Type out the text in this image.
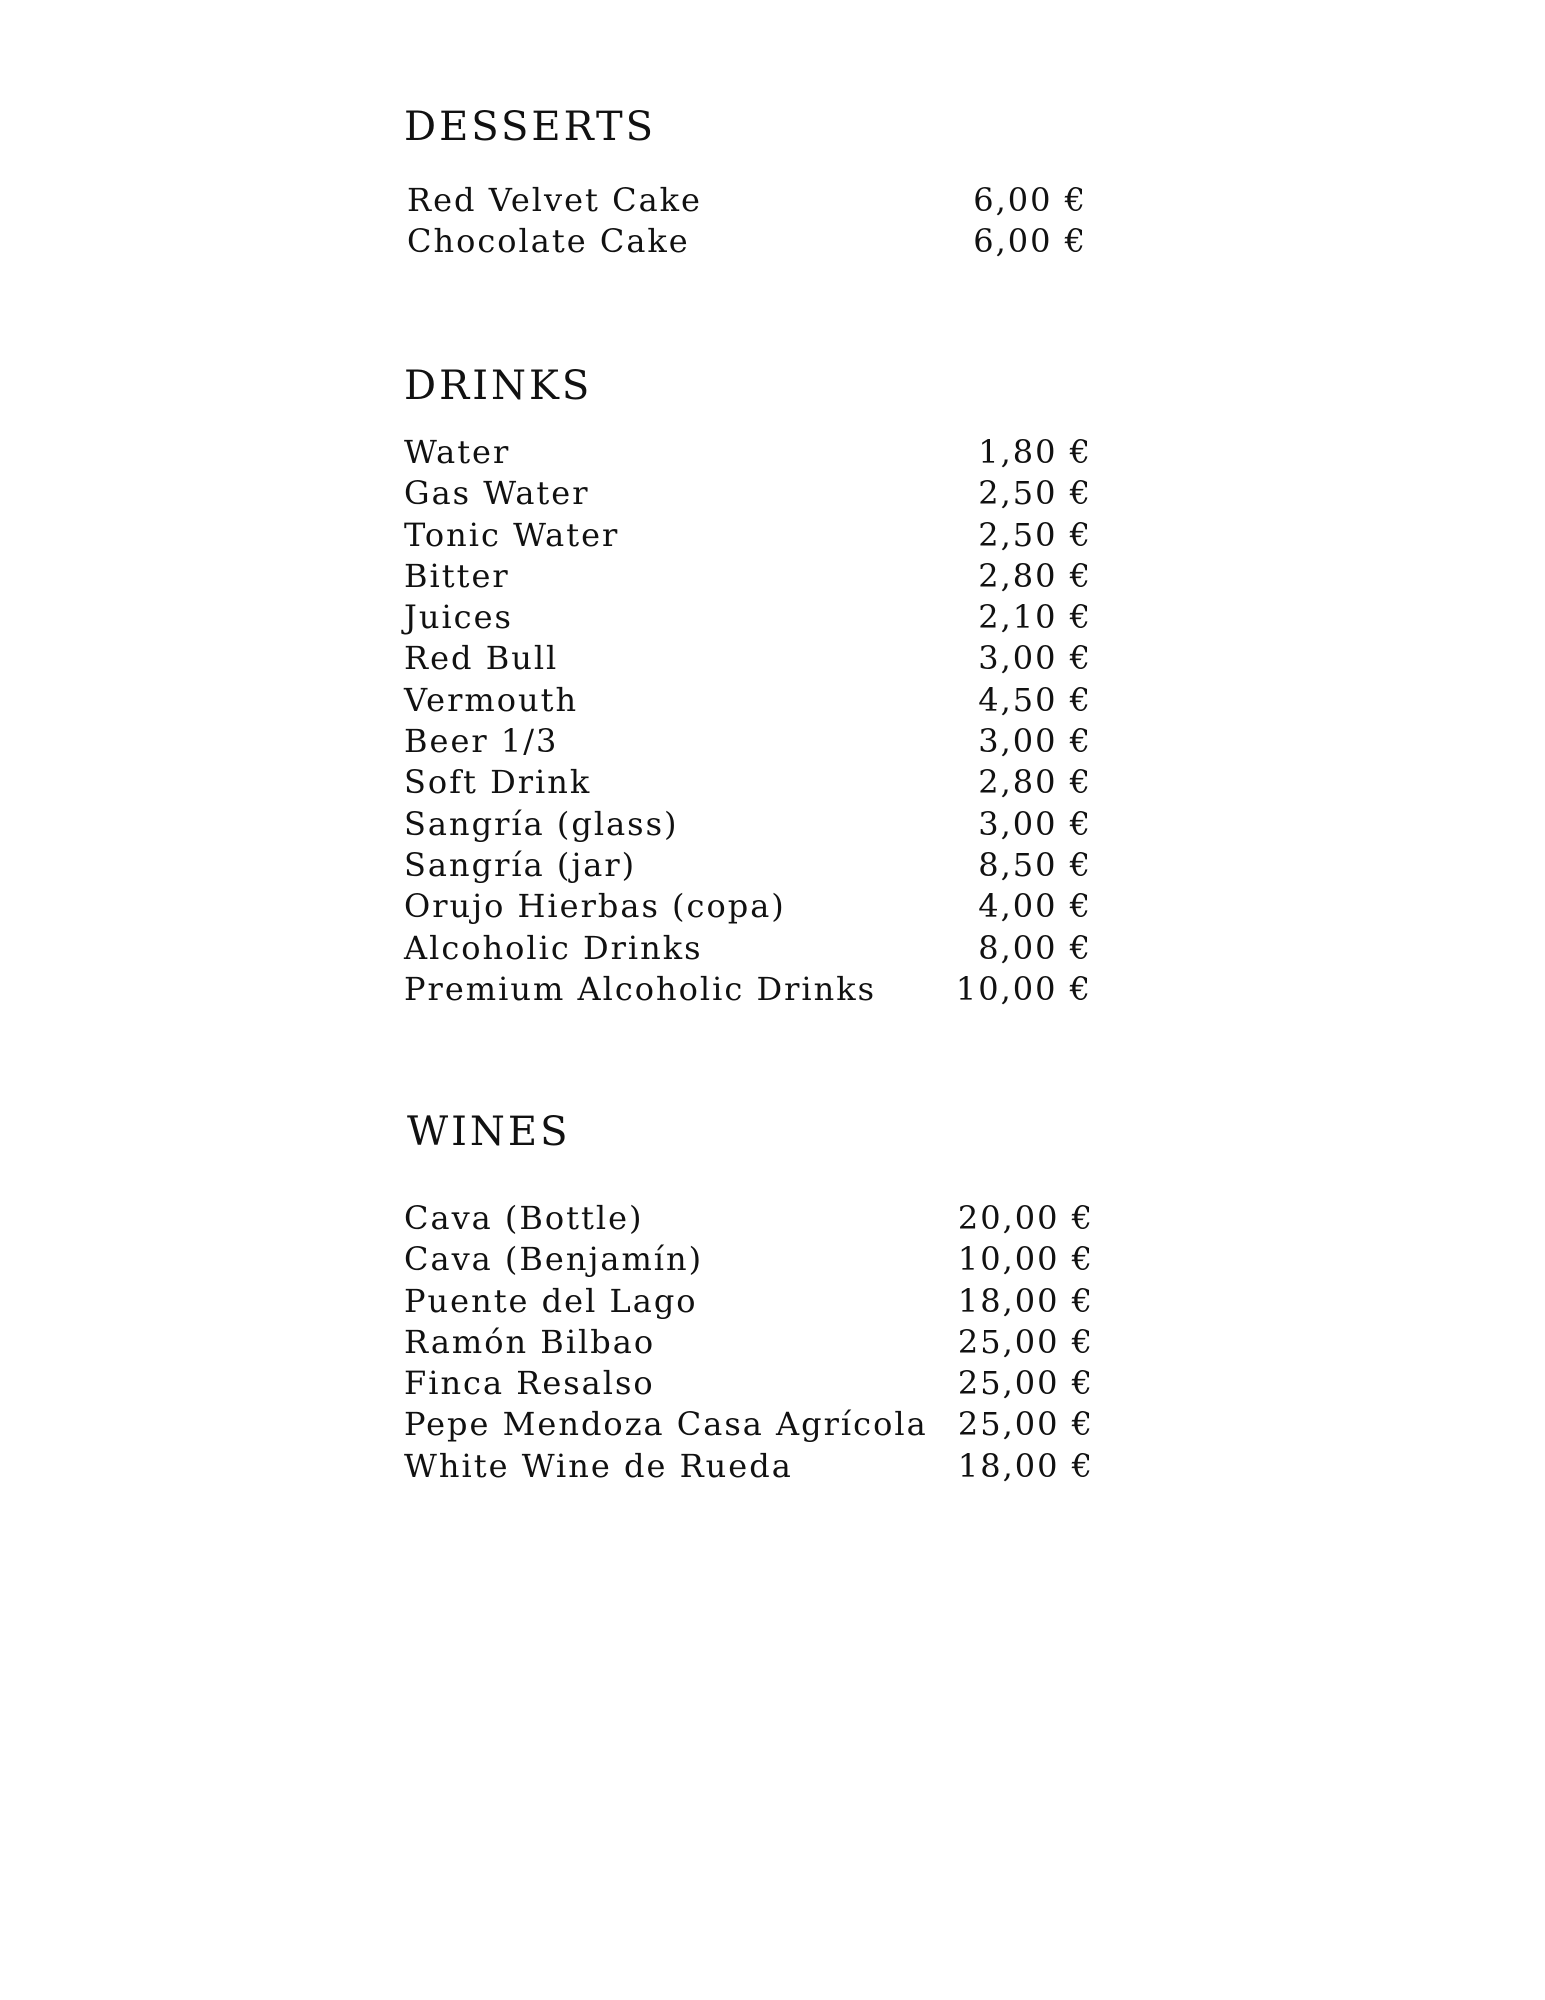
DESSERTS
Red Velvet Cake	6,00 €
Chocolate Cake	6,00 €
DRINKS
Water	1,80 €
Gas Water	2,50 €
Tonic Water	2,50 €
Bitter	2,80 €
Juices	2,10 €
Red Bull	3,00 €
Vermouth	4,50 €
Beer 1/3	3,00 €
Soft Drink	2,80 €
Sangría (glass)	3,00 €
Sangría (jar)	8,50 €
Orujo Hierbas (copa)	4,00 €
Alcoholic Drinks	8,00 €
Premium Alcoholic Drinks 10,00 €
WINES
Cava (Bottle)	20,00 €
Cava (Benjamín)	10,00 €
Puente del Lago	18,00 €
Ramón Bilbao	25,00 €
Finca Resalso	25,00 €
Pepe Mendoza Casa Agrícola 25,00 €
White Wine de Rueda	18,00 €
